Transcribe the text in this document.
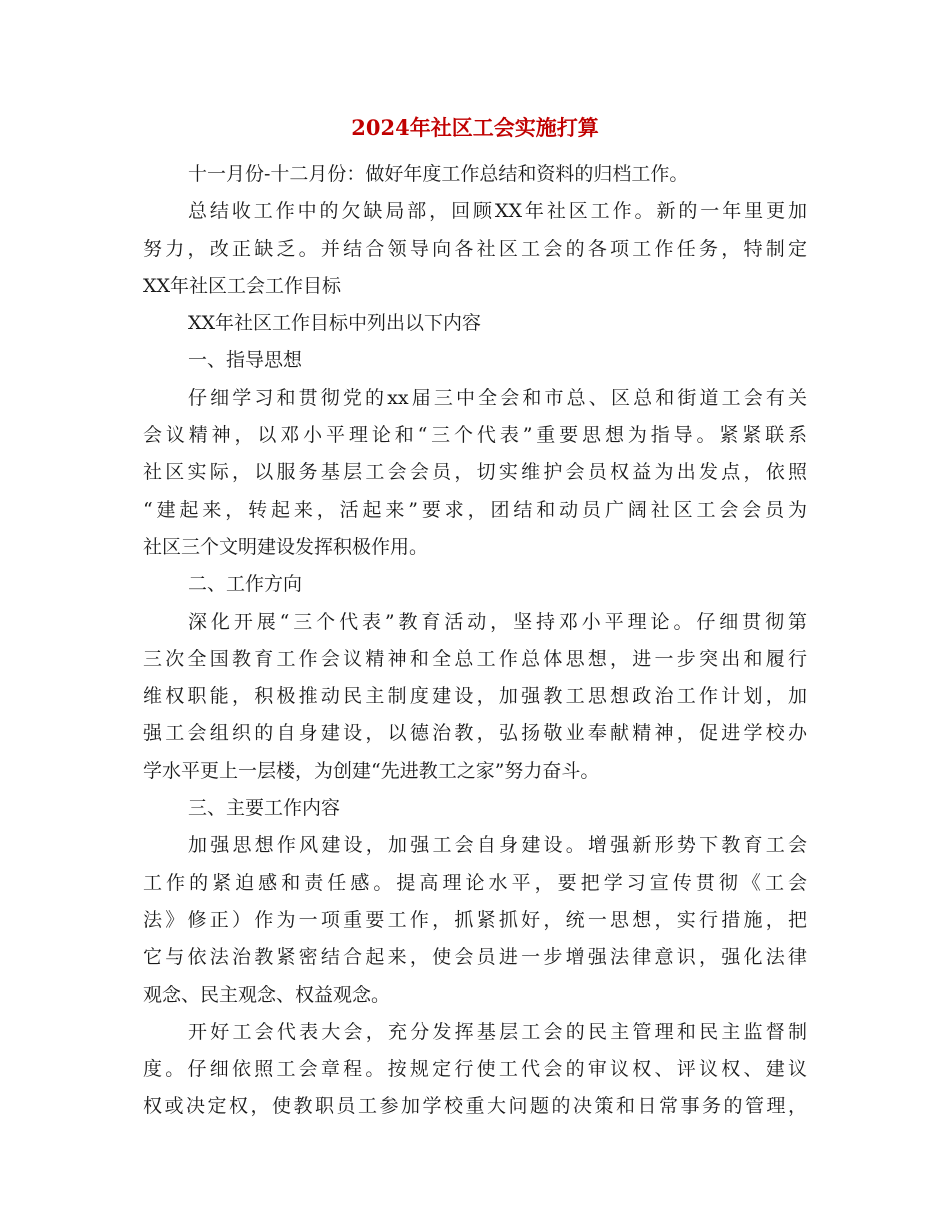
2024年社区工会实施打算
十一月份-十二月份：做好年度工作总结和资料的归档工作。
总结收工作中的欠缺局部，回顾XX年社区工作。新的一年里更加
努力，改正缺乏。并结合领导向各社区工会的各项工作任务，特制定
XX年社区工会工作目标
XX年社区工作目标中列出以下内容
一、指导思想
仔细学习和贯彻党的xx届三中全会和市总、区总和街道工会有关
会议精神，以邓小平理论和“三个代表”重要思想为指导。紧紧联系
社区实际，以服务基层工会会员，切实维护会员权益为出发点，依照
“建起来，转起来，活起来”要求，团结和动员广阔社区工会会员为
社区三个文明建设发挥积极作用。
二、工作方向
深化开展“三个代表”教育活动，坚持邓小平理论。仔细贯彻第
三次全国教育工作会议精神和全总工作总体思想，进一步突出和履行
维权职能，积极推动民主制度建设，加强教工思想政治工作计划，加
强工会组织的自身建设，以德治教，弘扬敬业奉献精神，促进学校办
学水平更上一层楼，为创建“先进教工之家”努力奋斗。
三、主要工作内容
加强思想作风建设，加强工会自身建设。增强新形势下教育工会
工作的紧迫感和责任感。提高理论水平，要把学习宣传贯彻《工会
法》修正）作为一项重要工作，抓紧抓好，统一思想，实行措施，把
它与依法治教紧密结合起来，使会员进一步增强法律意识，强化法律
观念、民主观念、权益观念。
开好工会代表大会，充分发挥基层工会的民主管理和民主监督制
度。仔细依照工会章程。按规定行使工代会的审议权、评议权、建议
权或决定权，使教职员工参加学校重大问题的决策和日常事务的管理，
